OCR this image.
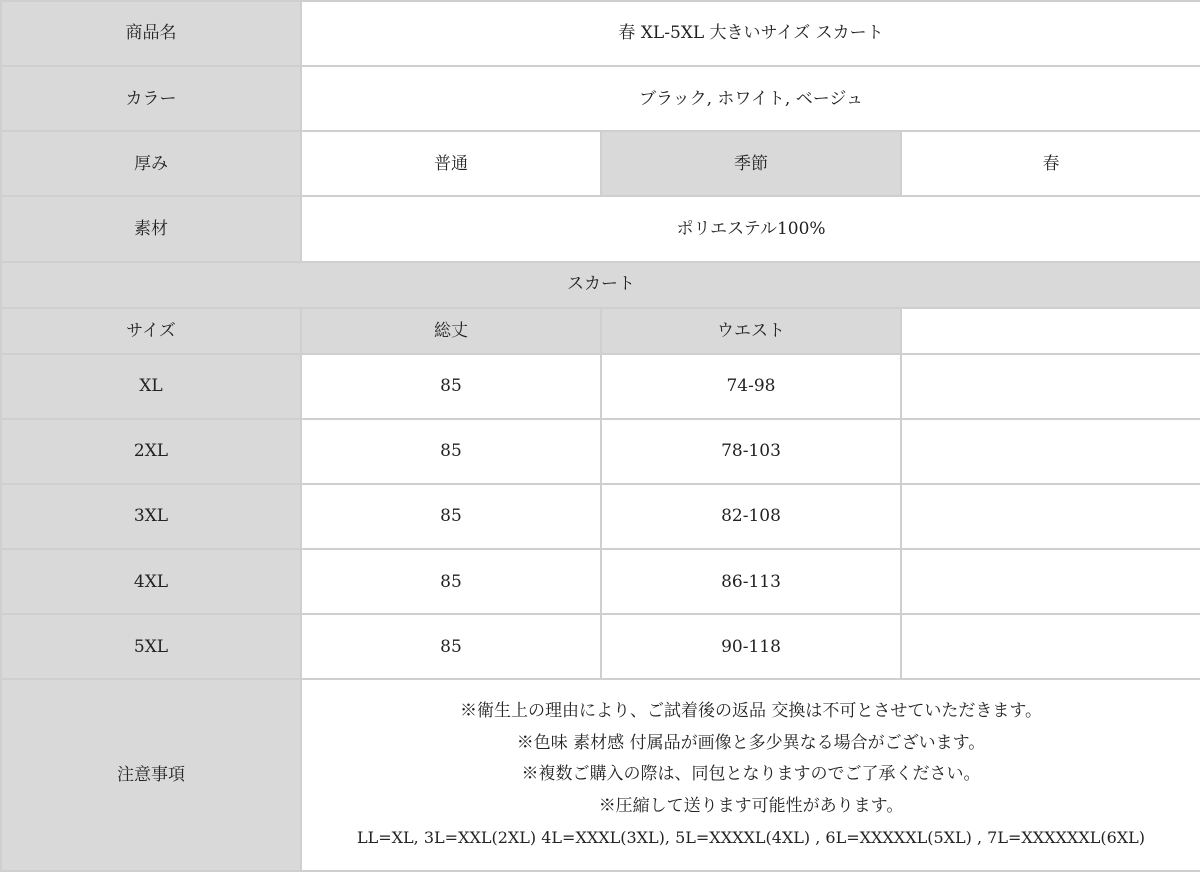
商品名	春 XL-5XL 大きいサイズ スカート		
カラー	ブラック, ホワイト, ベージュ		
厚み	普通	季節	春
素材	ポリエステル100%		
スカート			
サイズ	総丈	ウエスト	
XL	85	74-98	
2XL	85	78-103	
3XL	85	82-108	
4XL	85	86-113	
5XL	85	90-118	
注意事項	※衛生上の理由により、ご試着後の返品 交換は不可とさせていただきます。
※色味 素材感 付属品が画像と多少異なる場合がございます。
※複数ご購入の際は、同包となりますのでご了承ください。
※圧縮して送ります可能性があります。
LL=XL, 3L=XXL(2XL) 4L=XXXL(3XL), 5L=XXXXL(4XL) , 6L=XXXXXL(5XL) , 7L=XXXXXXL(6XL)		
